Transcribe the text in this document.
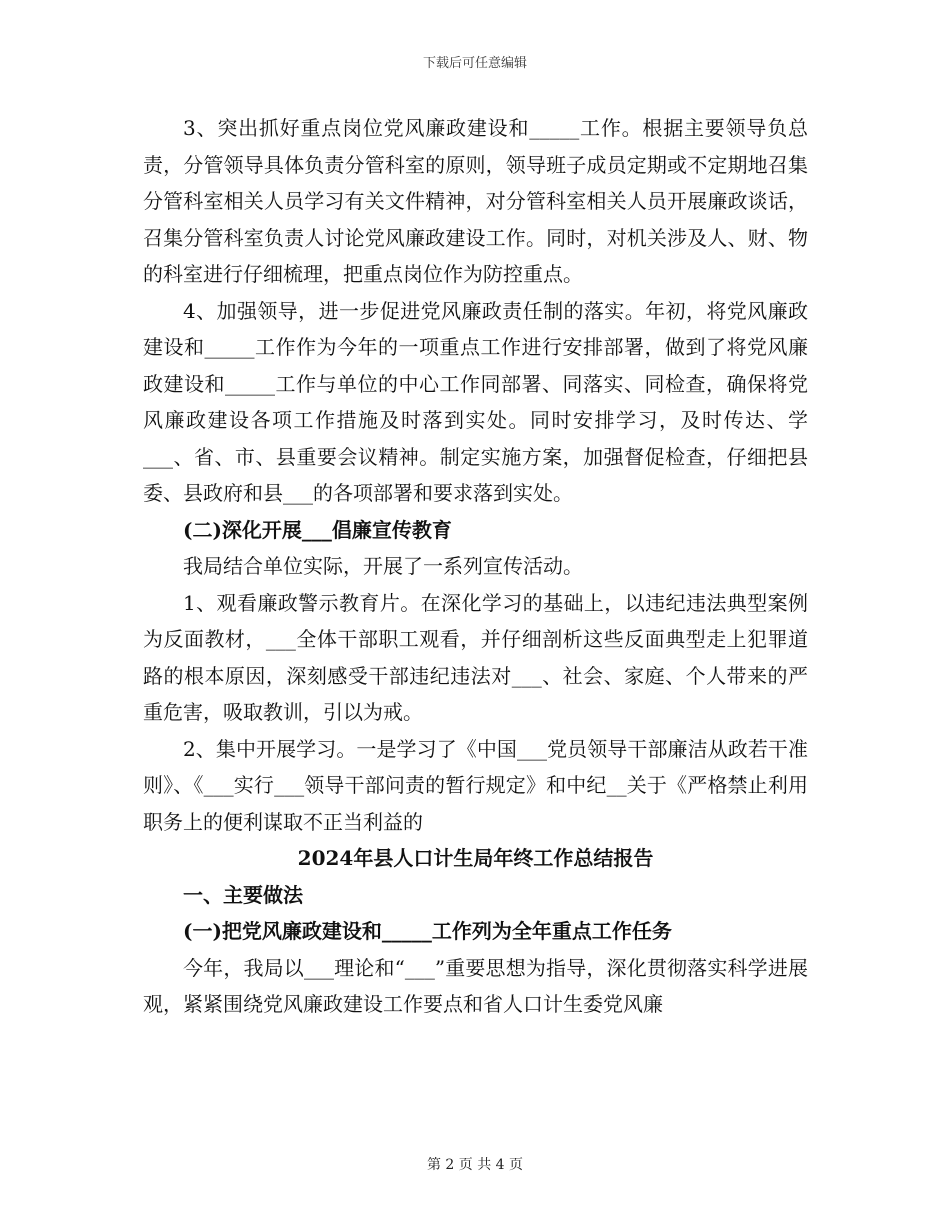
下载后可任意编辑

3、突出抓好重点岗位党风廉政建设和_____工作。根据主要领导负总责，分管领导具体负责分管科室的原则，领导班子成员定期或不定期地召集分管科室相关人员学习有关文件精神，对分管科室相关人员开展廉政谈话，召集分管科室负责人讨论党风廉政建设工作。同时，对机关涉及人、财、物的科室进行仔细梳理，把重点岗位作为防控重点。

4、加强领导，进一步促进党风廉政责任制的落实。年初，将党风廉政建设和_____工作作为今年的一项重点工作进行安排部署，做到了将党风廉政建设和_____工作与单位的中心工作同部署、同落实、同检查，确保将党风廉政建设各项工作措施及时落到实处。同时安排学习，及时传达、学___、省、市、县重要会议精神。制定实施方案，加强督促检查，仔细把县委、县政府和县___的各项部署和要求落到实处。

(二)深化开展___倡廉宣传教育

我局结合单位实际，开展了一系列宣传活动。

1、观看廉政警示教育片。在深化学习的基础上，以违纪违法典型案例为反面教材，___全体干部职工观看，并仔细剖析这些反面典型走上犯罪道路的根本原因，深刻感受干部违纪违法对___、社会、家庭、个人带来的严重危害，吸取教训，引以为戒。

2、集中开展学习。一是学习了《中国___党员领导干部廉洁从政若干准则》、《___实行___领导干部问责的暂行规定》和中纪__关于《严格禁止利用职务上的便利谋取不正当利益的

2024年县人口计生局年终工作总结报告

一、主要做法

(一)把党风廉政建设和_____工作列为全年重点工作任务

今年，我局以___理论和“___”重要思想为指导，深化贯彻落实科学进展观，紧紧围绕党风廉政建设工作要点和省人口计生委党风廉

第 2 页 共 4 页
